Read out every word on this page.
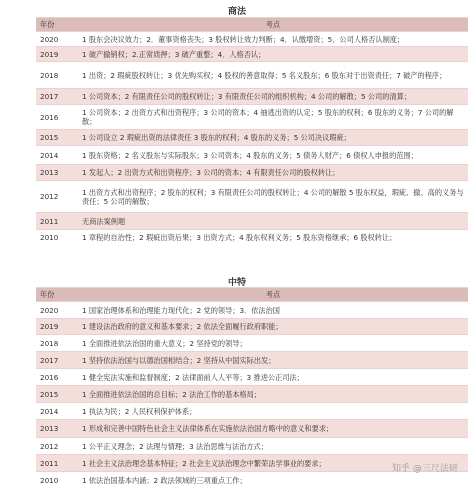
商法
年份	考点
2020	1 股东会决议效力；2．董事资格丧失；3 股权转让效力判断；4．认缴增资；5．公司人格否认制度；
2019	1 破产撤销权；2.正常质押；3 破产重整；4．人格否认；
2018	1 出资；2 瑕疵股权转让；3 优先购买权；4 股权的善意取得；5 名义股东；6 股东对于出资责任；7 破产的程序；
2017	1 公司资本；2 有限责任公司的股权转让；3 有限责任公司的组织机构；4 公司的解散；5 公司的清算；
2016	1 公司资本；2 出资方式和出资程序；3 公司的资本；4 抽逃出资的认定；5 股东的权利；6 股东的义务；7 公司的解散；
2015	1 公司设立 2 瑕疵出资的法律责任 3 股东的权利；4 股东的义务；5 公司决议瑕疵；
2014	1 股东资格；2 名义股东与实际股东；3 公司资本；4 股东的义务；5 债务人财产；6 债权人申报的范围；
2013	1 发起人；2 出资方式和出资程序；3 公司的资本；4 有限责任公司的股权转让；
2012	1 出资方式和出资程序；2 股东的权利；3 有限责任公司的股权转让；4 公司的解散 5 股东权益，瑕疵、撤、高的义务与责任；5 公司的解散；
2011	无商法案例题
2010	1 章程的自治性；2 瑕疵出资后果；3 出资方式；4 股东权利义务；5 股东资格继承；6 股权转让；
中特
年份	考点
2020	1 国家治理体系和治理能力现代化；2 党的领导；3．依法治国
2019	1 建设法治政府的意义和基本要求；2 依法全面履行政府职能；
2018	1 全面推进依法治国的重大意义；2 坚持党的领导；
2017	1 坚持依法治国与以德治国相结合；2 坚持从中国实际出发；
2016	1 健全宪法实施和监督制度；2 法律面前人人平等；3 推进公正司法；
2015	1 全面推进依法治国的总目标；2 法治工作的基本格局；
2014	1 执法为民；2 人民权利保护体系；
2013	1 形成和完善中国特色社会主义法律体系在实施依法治国方略中的意义和要求；
2012	1 公平正义理念；2 法理与情理；3 法治思维与法治方式；
2011	1 社会主义法治理念基本特征；2 社会主义法治理念中繁荣法学事业的要求；
2010	1 依法治国基本内涵；2 政法领域的三项重点工作；
知乎 @三尺法研
